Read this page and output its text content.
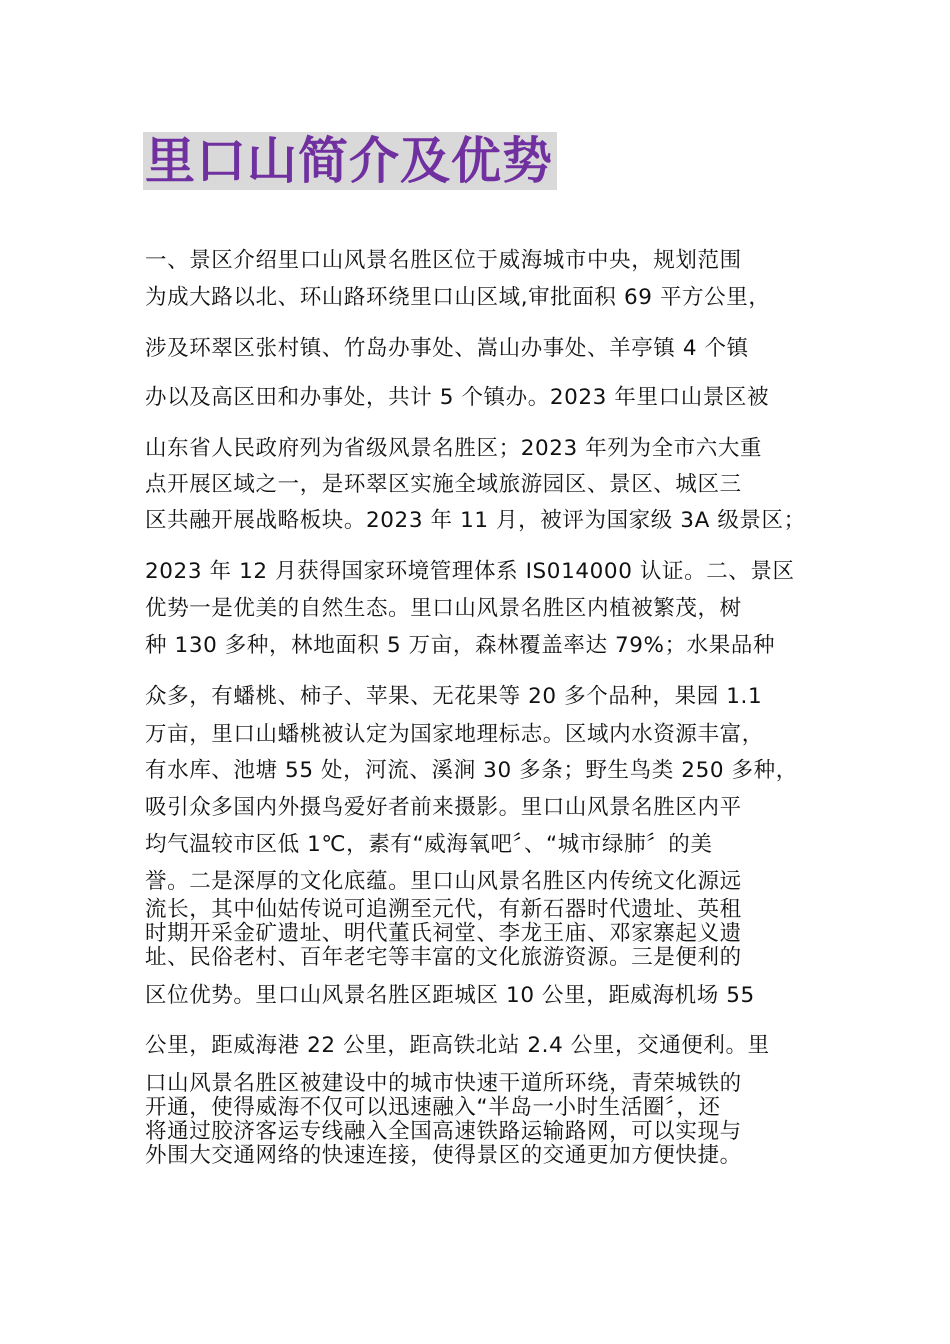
里口山简介及优势
一、景区介绍里口山风景名胜区位于威海城市中央，规划范围
为成大路以北、环山路环绕里口山区域,审批面积 69 平方公里，
涉及环翠区张村镇、竹岛办事处、嵩山办事处、羊亭镇 4 个镇
办以及高区田和办事处，共计 5 个镇办。2023 年里口山景区被
山东省人民政府列为省级风景名胜区；2023 年列为全市六大重
点开展区域之一，是环翠区实施全域旅游园区、景区、城区三
区共融开展战略板块。2023 年 11 月，被评为国家级 3A 级景区；
2023 年 12 月获得国家环境管理体系 IS014000 认证。二、景区
优势一是优美的自然生态。里口山风景名胜区内植被繁茂，树
种 130 多种，林地面积 5 万亩，森林覆盖率达 79%；水果品种
众多，有蟠桃、柿子、苹果、无花果等 20 多个品种，果园 1.1
万亩，里口山蟠桃被认定为国家地理标志。区域内水资源丰富，
有水库、池塘 55 处，河流、溪涧 30 多条；野生鸟类 250 多种，
吸引众多国内外摄鸟爱好者前来摄影。里口山风景名胜区内平
均气温较市区低 1℃，素有“威海氧吧〞、“城市绿肺〞的美
誉。二是深厚的文化底蕴。里口山风景名胜区内传统文化源远
流长，其中仙姑传说可追溯至元代，有新石器时代遗址、英租
时期开采金矿遗址、明代董氏祠堂、李龙王庙、邓家寨起义遗
址、民俗老村、百年老宅等丰富的文化旅游资源。三是便利的
区位优势。里口山风景名胜区距城区 10 公里，距威海机场 55
公里，距威海港 22 公里，距高铁北站 2.4 公里，交通便利。里
口山风景名胜区被建设中的城市快速干道所环绕，青荣城铁的
开通，使得威海不仅可以迅速融入“半岛一小时生活圈〞，还
将通过胶济客运专线融入全国高速铁路运输路网，可以实现与
外围大交通网络的快速连接，使得景区的交通更加方便快捷。
